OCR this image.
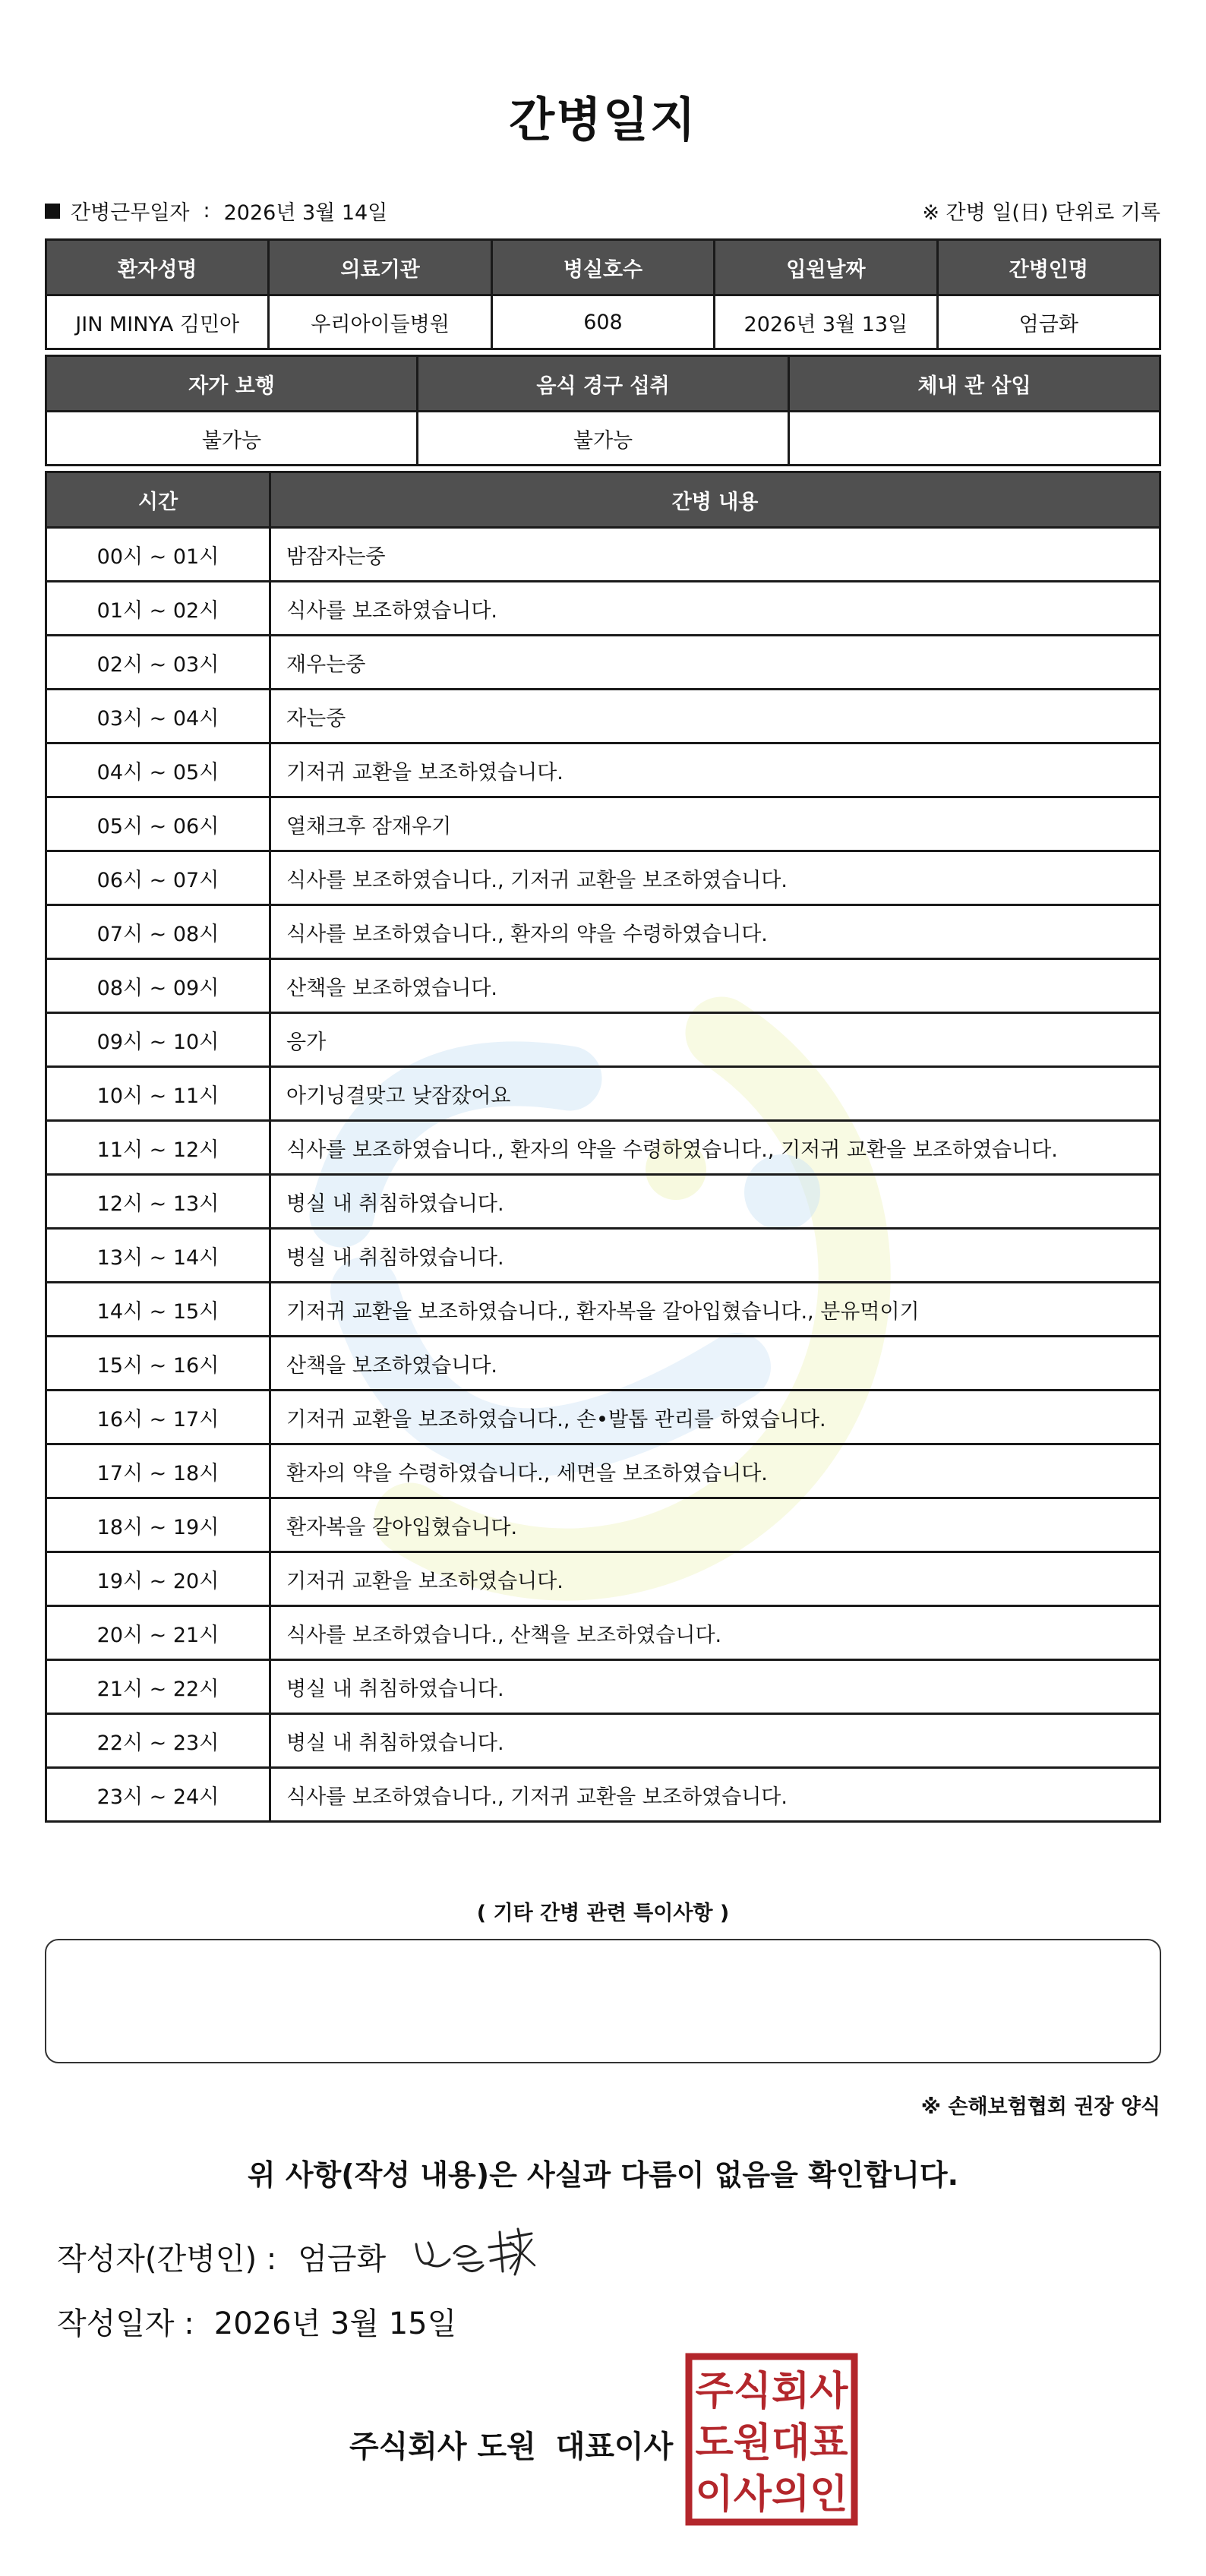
간병일지
간병근무일자 : 2026년 3월 14일	※ 간병 일(日) 단위로 기록
환자성명	의료기관	병실호수	입원날짜	간병인명
JIN MINYA 김민아	우리아이들병원	608	2026년 3월 13일	엄금화
자가 보행	음식 경구 섭취	체내 관 삽입
불가능	불가능	
시간	간병 내용
00시 ~ 01시	밤잠자는중
01시 ~ 02시	식사를 보조하였습니다.
02시 ~ 03시	재우는중
03시 ~ 04시	자는중
04시 ~ 05시	기저귀 교환을 보조하였습니다.
05시 ~ 06시	열채크후 잠재우기
06시 ~ 07시	식사를 보조하였습니다., 기저귀 교환을 보조하였습니다.
07시 ~ 08시	식사를 보조하였습니다., 환자의 약을 수령하였습니다.
08시 ~ 09시	산책을 보조하였습니다.
09시 ~ 10시	응가
10시 ~ 11시	아기닝결맞고 낮잠잤어요
11시 ~ 12시	식사를 보조하였습니다., 환자의 약을 수령하였습니다., 기저귀 교환을 보조하였습니다.
12시 ~ 13시	병실 내 취침하였습니다.
13시 ~ 14시	병실 내 취침하였습니다.
14시 ~ 15시	기저귀 교환을 보조하였습니다., 환자복을 갈아입혔습니다., 분유먹이기
15시 ~ 16시	산책을 보조하였습니다.
16시 ~ 17시	기저귀 교환을 보조하였습니다., 손•발톱 관리를 하였습니다.
17시 ~ 18시	환자의 약을 수령하였습니다., 세면을 보조하였습니다.
18시 ~ 19시	환자복을 갈아입혔습니다.
19시 ~ 20시	기저귀 교환을 보조하였습니다.
20시 ~ 21시	식사를 보조하였습니다., 산책을 보조하였습니다.
21시 ~ 22시	병실 내 취침하였습니다.
22시 ~ 23시	병실 내 취침하였습니다.
23시 ~ 24시	식사를 보조하였습니다., 기저귀 교환을 보조하였습니다.
( 기타 간병 관련 특이사항 )
※ 손해보험협회 권장 양식
위 사항(작성 내용)은 사실과 다름이 없음을 확인합니다.
작성자(간병인) : 엄금화
작성일자 : 2026년 3월 15일
주식회사 도원 대표이사
주식회사
도원대표
이사의인
